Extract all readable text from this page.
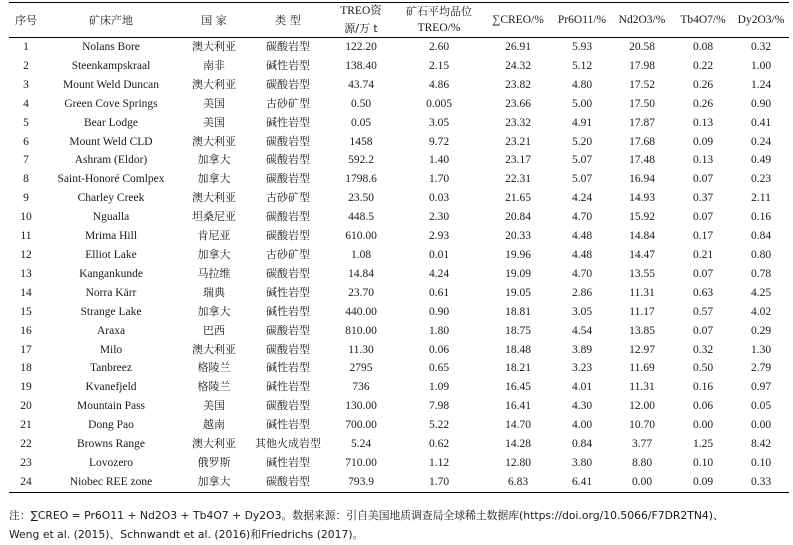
序号	矿床产地	国 家	类 型	TREO资	矿石平均品位	∑CREO/%	Pr6O11/%	Nd2O3/%	Tb4O7/%	Dy2O3/%
				源/万 t	TREO/%					
1	Nolans Bore	澳大利亚	碳酸岩型	122.20	2.60	26.91	5.93	20.58	0.08	0.32
2	Steenkampskraal	南非	碱性岩型	138.40	2.15	24.32	5.12	17.98	0.22	1.00
3	Mount Weld Duncan	澳大利亚	碳酸岩型	43.74	4.86	23.82	4.80	17.52	0.26	1.24
4	Green Cove Springs	美国	古砂矿型	0.50	0.005	23.66	5.00	17.50	0.26	0.90
5	Bear Lodge	美国	碱性岩型	0.05	3.05	23.32	4.91	17.87	0.13	0.41
6	Mount Weld CLD	澳大利亚	碳酸岩型	1458	9.72	23.21	5.20	17.68	0.09	0.24
7	Ashram (Eldor)	加拿大	碳酸岩型	592.2	1.40	23.17	5.07	17.48	0.13	0.49
8	Saint-Honoré Comlpex	加拿大	碳酸岩型	1798.6	1.70	22.31	5.07	16.94	0.07	0.23
9	Charley Creek	澳大利亚	古砂矿型	23.50	0.03	21.65	4.24	14.93	0.37	2.11
10	Ngualla	坦桑尼亚	碳酸岩型	448.5	2.30	20.84	4.70	15.92	0.07	0.16
11	Mrima Hill	肯尼亚	碳酸岩型	610.00	2.93	20.33	4.48	14.84	0.17	0.84
12	Elliot Lake	加拿大	古砂矿型	1.08	0.01	19.96	4.48	14.47	0.21	0.80
13	Kangankunde	马拉维	碳酸岩型	14.84	4.24	19.09	4.70	13.55	0.07	0.78
14	Norra Kärr	瑞典	碱性岩型	23.70	0.61	19.05	2.86	11.31	0.63	4.25
15	Strange Lake	加拿大	碱性岩型	440.00	0.90	18.81	3.05	11.17	0.57	4.02
16	Araxa	巴西	碳酸岩型	810.00	1.80	18.75	4.54	13.85	0.07	0.29
17	Milo	澳大利亚	碳酸岩型	11.30	0.06	18.48	3.89	12.97	0.32	1.30
18	Tanbreez	格陵兰	碱性岩型	2795	0.65	18.21	3.23	11.69	0.50	2.79
19	Kvanefjeld	格陵兰	碱性岩型	736	1.09	16.45	4.01	11.31	0.16	0.97
20	Mountain Pass	美国	碳酸岩型	130.00	7.98	16.41	4.30	12.00	0.06	0.05
21	Dong Pao	越南	碱性岩型	700.00	5.22	14.70	4.00	10.70	0.00	0.00
22	Browns Range	澳大利亚	其他火成岩型	5.24	0.62	14.28	0.84	3.77	1.25	8.42
23	Lovozero	俄罗斯	碱性岩型	710.00	1.12	12.80	3.80	8.80	0.10	0.10
24	Niobec REE zone	加拿大	碳酸岩型	793.9	1.70	6.83	6.41	0.00	0.09	0.33
注：∑CREO = Pr6O11 + Nd2O3 + Tb4O7 + Dy2O3。数据来源：引自美国地质调查局全球稀土数据库(https://doi.org/10.5066/F7DR2TN4)、
Weng et al. (2015)、Schnwandt et al. (2016)和Friedrichs (2017)。
